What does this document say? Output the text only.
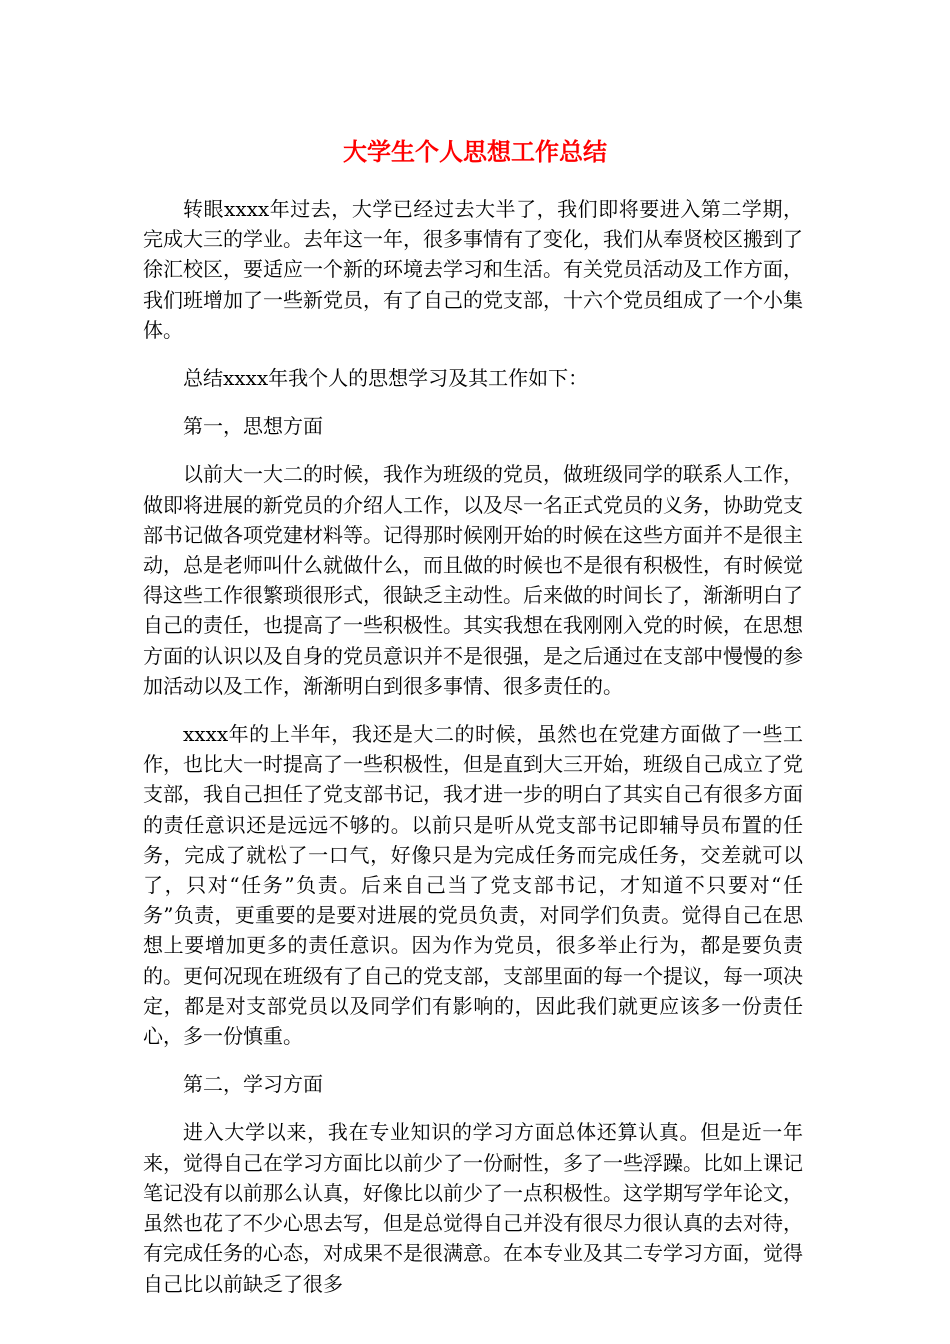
大学生个人思想工作总结

转眼xxxx年过去，大学已经过去大半了，我们即将要进入第二学期，完成大三的学业。去年这一年，很多事情有了变化，我们从奉贤校区搬到了徐汇校区，要适应一个新的环境去学习和生活。有关党员活动及工作方面，我们班增加了一些新党员，有了自己的党支部，十六个党员组成了一个小集体。

总结xxxx年我个人的思想学习及其工作如下：

第一，思想方面

以前大一大二的时候，我作为班级的党员，做班级同学的联系人工作，做即将进展的新党员的介绍人工作，以及尽一名正式党员的义务，协助党支部书记做各项党建材料等。记得那时候刚开始的时候在这些方面并不是很主动，总是老师叫什么就做什么，而且做的时候也不是很有积极性，有时候觉得这些工作很繁琐很形式，很缺乏主动性。后来做的时间长了，渐渐明白了自己的责任，也提高了一些积极性。其实我想在我刚刚入党的时候，在思想方面的认识以及自身的党员意识并不是很强，是之后通过在支部中慢慢的参加活动以及工作，渐渐明白到很多事情、很多责任的。

xxxx年的上半年，我还是大二的时候，虽然也在党建方面做了一些工作，也比大一时提高了一些积极性，但是直到大三开始，班级自己成立了党支部，我自己担任了党支部书记，我才进一步的明白了其实自己有很多方面的责任意识还是远远不够的。以前只是听从党支部书记即辅导员布置的任务，完成了就松了一口气，好像只是为完成任务而完成任务，交差就可以了，只对“任务”负责。后来自己当了党支部书记，才知道不只要对“任务”负责，更重要的是要对进展的党员负责，对同学们负责。觉得自己在思想上要增加更多的责任意识。因为作为党员，很多举止行为，都是要负责的。更何况现在班级有了自己的党支部，支部里面的每一个提议，每一项决定，都是对支部党员以及同学们有影响的，因此我们就更应该多一份责任心，多一份慎重。

第二，学习方面

进入大学以来，我在专业知识的学习方面总体还算认真。但是近一年来，觉得自己在学习方面比以前少了一份耐性，多了一些浮躁。比如上课记笔记没有以前那么认真，好像比以前少了一点积极性。这学期写学年论文，虽然也花了不少心思去写，但是总觉得自己并没有很尽力很认真的去对待，有完成任务的心态，对成果不是很满意。在本专业及其二专学习方面，觉得自己比以前缺乏了很多
